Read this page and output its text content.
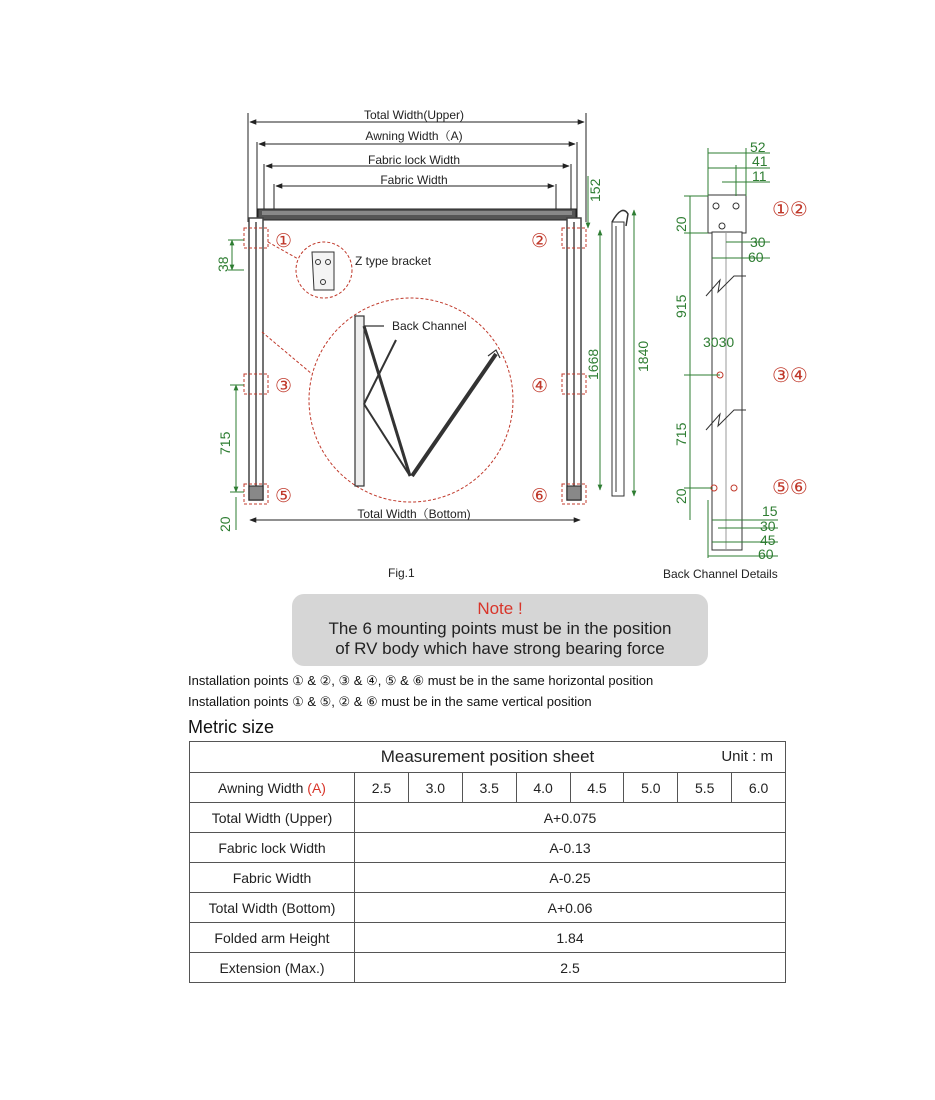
Total Width(Upper)
Awning Width（A)
Fabric lock Width
Fabric Width
①	②
③	④
⑤	⑥
Total Width（Bottom)
38
715
20
152
1668 1840
Z type bracket
Back Channel
Fig.1
52
41
11
20
30
60
915
3030
715
20
15
30
45
60
①②
③④
⑤⑥
Back Channel Details
Note !
The 6 mounting points must be in the position
of RV body which have strong bearing force
Installation points ① & ②, ③ & ④, ⑤ & ⑥ must be in the same horizontal position
Installation points ① & ⑤, ② & ⑥ must be in the same vertical position
Metric size
Measurement position sheet Unit : m								

Awning Width (A)	2.5	3.0	3.5	4.0	4.5	5.0	5.5	6.0
Total Width (Upper)	A+0.075							
Fabric lock Width	A-0.13							
Fabric Width	A-0.25							
Total Width (Bottom)	A+0.06							
Folded arm Height	1.84							
Extension (Max.)	2.5							
